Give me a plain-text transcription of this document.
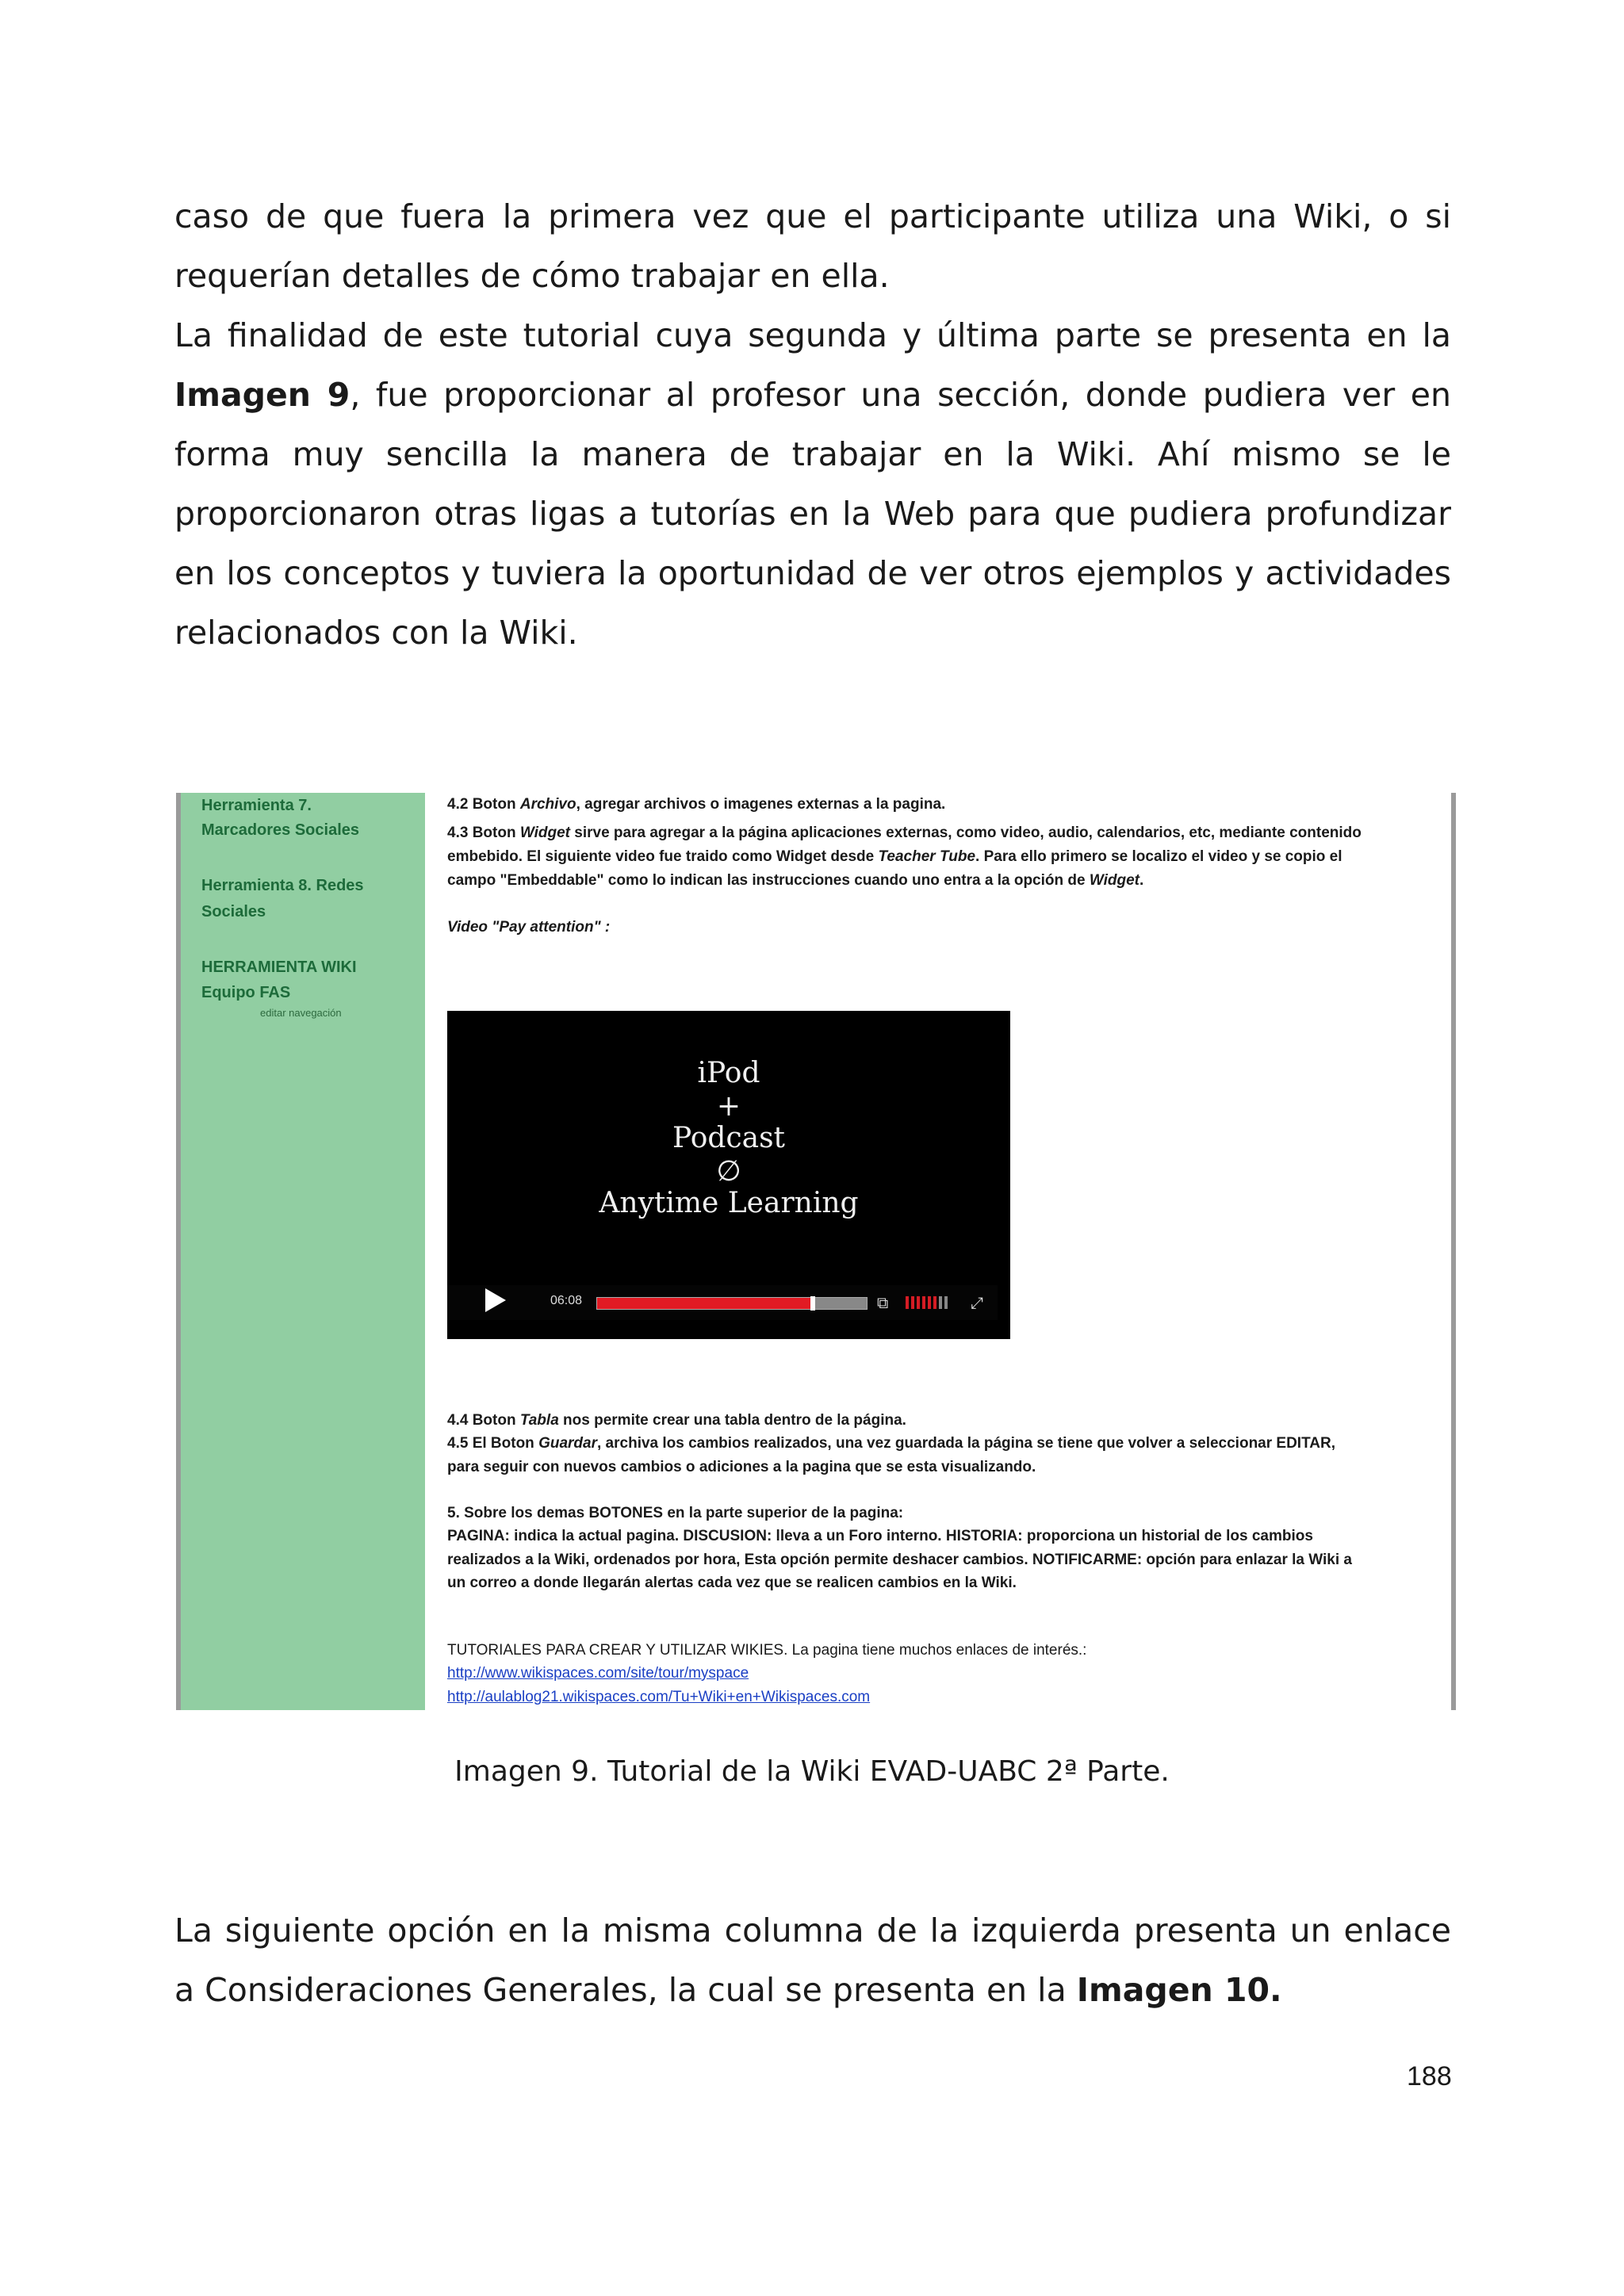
caso de que fuera la primera vez que el participante utiliza una Wiki, o si requerían detalles de cómo trabajar en ella.
La finalidad de este tutorial cuya segunda y última parte se presenta en la Imagen 9, fue proporcionar al profesor una sección, donde pudiera ver en forma muy sencilla la manera de trabajar en la Wiki. Ahí mismo se le proporcionaron otras ligas a tutorías en la Web para que pudiera profundizar en los conceptos y tuviera la oportunidad de ver otros ejemplos y actividades relacionados con la Wiki.
Herramienta 7.
Marcadores Sociales
Herramienta 8. Redes
Sociales
HERRAMIENTA WIKI
Equipo FAS
editar navegación
4.2 Boton Archivo, agregar archivos o imagenes externas a la pagina.
4.3 Boton Widget sirve para agregar a la página aplicaciones externas, como video, audio, calendarios, etc, mediante contenido
embebido. El siguiente video fue traido como Widget desde Teacher Tube. Para ello primero se localizo el video y se copio el
campo "Embeddable" como lo indican las instrucciones cuando uno entra a la opción de Widget.
Video "Pay attention" :
4.4 Boton Tabla nos permite crear una tabla dentro de la página.
4.5 El Boton Guardar, archiva los cambios realizados, una vez guardada la página se tiene que volver a seleccionar EDITAR,
para seguir con nuevos cambios o adiciones a la pagina que se esta visualizando.
5. Sobre los demas BOTONES en la parte superior de la pagina:
PAGINA: indica la actual pagina. DISCUSION: lleva a un Foro interno. HISTORIA: proporciona un historial de los cambios
realizados a la Wiki, ordenados por hora, Esta opción permite deshacer cambios. NOTIFICARME: opción para enlazar la Wiki a
un correo a donde llegarán alertas cada vez que se realicen cambios en la Wiki.
TUTORIALES PARA CREAR Y UTILIZAR WIKIES. La pagina tiene muchos enlaces de interés.:
http://www.wikispaces.com/site/tour/myspace
http://aulablog21.wikispaces.com/Tu+Wiki+en+Wikispaces.com
iPod
+
Podcast
∅
Anytime Learning
06:08	⧉	⤢
Imagen 9. Tutorial de la Wiki EVAD-UABC 2ª Parte.
La siguiente opción en la misma columna de la izquierda presenta un enlace a Consideraciones Generales, la cual se presenta en la Imagen 10.
188
